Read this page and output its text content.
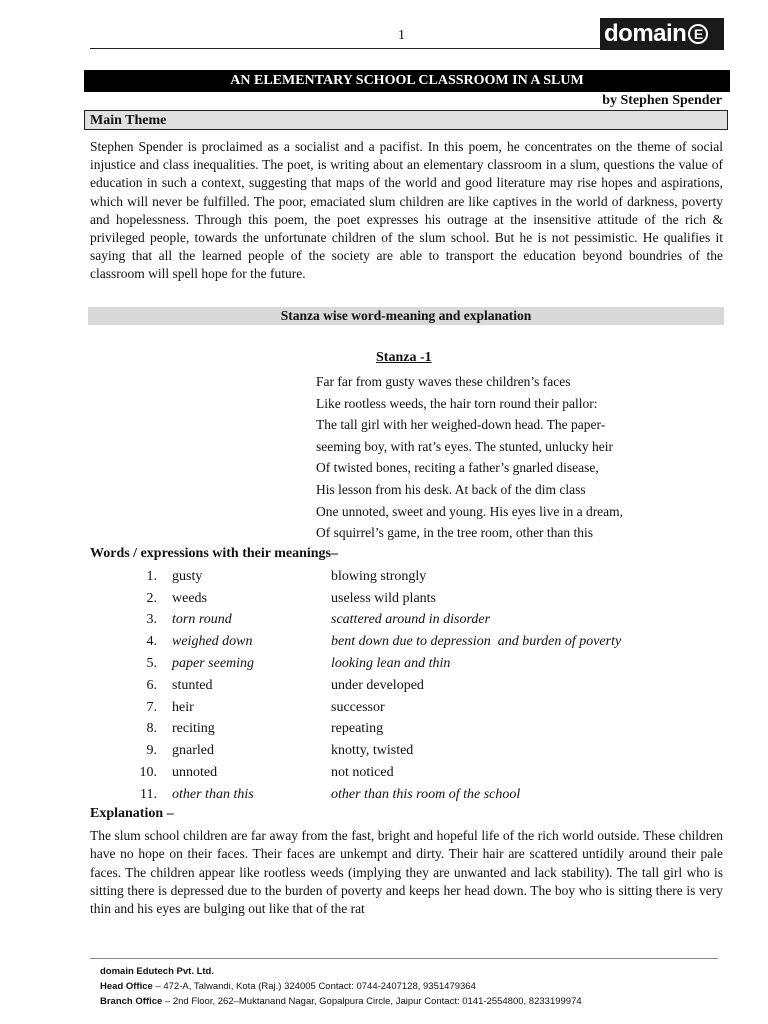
1	domain E
AN ELEMENTARY SCHOOL CLASSROOM IN A SLUM
by Stephen Spender
Main Theme

Stephen Spender is proclaimed as a socialist and a pacifist. In this poem, he concentrates on the theme of social injustice and class inequalities. The poet, is writing about an elementary classroom in a slum, questions the value of education in such a context, suggesting that maps of the world and good literature may rise hopes and aspirations, which will never be fulfilled. The poor, emaciated slum children are like captives in the world of darkness, poverty and hopelessness. Through this poem, the poet expresses his outrage at the insensitive attitude of the rich & privileged people, towards the unfortunate children of the slum school. But he is not pessimistic. He qualifies it saying that all the learned people of the society are able to transport the education beyond boundries of the classroom will spell hope for the future.

Stanza wise word-meaning and explanation
Stanza -1
Far far from gusty waves these children’s faces
Like rootless weeds, the hair torn round their pallor:
The tall girl with her weighed-down head. The paper-
seeming boy, with rat’s eyes. The stunted, unlucky heir
Of twisted bones, reciting a father’s gnarled disease,
His lesson from his desk. At back of the dim class
One unnoted, sweet and young. His eyes live in a dream,
Of squirrel’s game, in the tree room, other than this
Words / expressions with their meanings–
1. gusty	blowing strongly
2. weeds	useless wild plants
3. torn round	scattered around in disorder
4. weighed down	bent down due to depression  and burden of poverty
5. paper seeming	looking lean and thin
6. stunted	under developed
7. heir	successor
8. reciting	repeating
9. gnarled	knotty, twisted
10. unnoted	not noticed
11. other than this	other than this room of the school
Explanation –

The slum school children are far away from the fast, bright and hopeful life of the rich world outside. These children have no hope on their faces. Their faces are unkempt and dirty. Their hair are scattered untidily around their pale faces. The children appear like rootless weeds (implying they are unwanted and lack stability). The tall girl who is sitting there is depressed due to the burden of poverty and keeps her head down. The boy who is sitting there is very thin and his eyes are bulging out like that of the rat

domain Edutech Pvt. Ltd.
Head Office – 472-A, Talwandi, Kota (Raj.) 324005 Contact: 0744-2407128, 9351479364
Branch Office – 2nd Floor, 262–Muktanand Nagar, Gopalpura Circle, Jaipur Contact: 0141-2554800, 8233199974
